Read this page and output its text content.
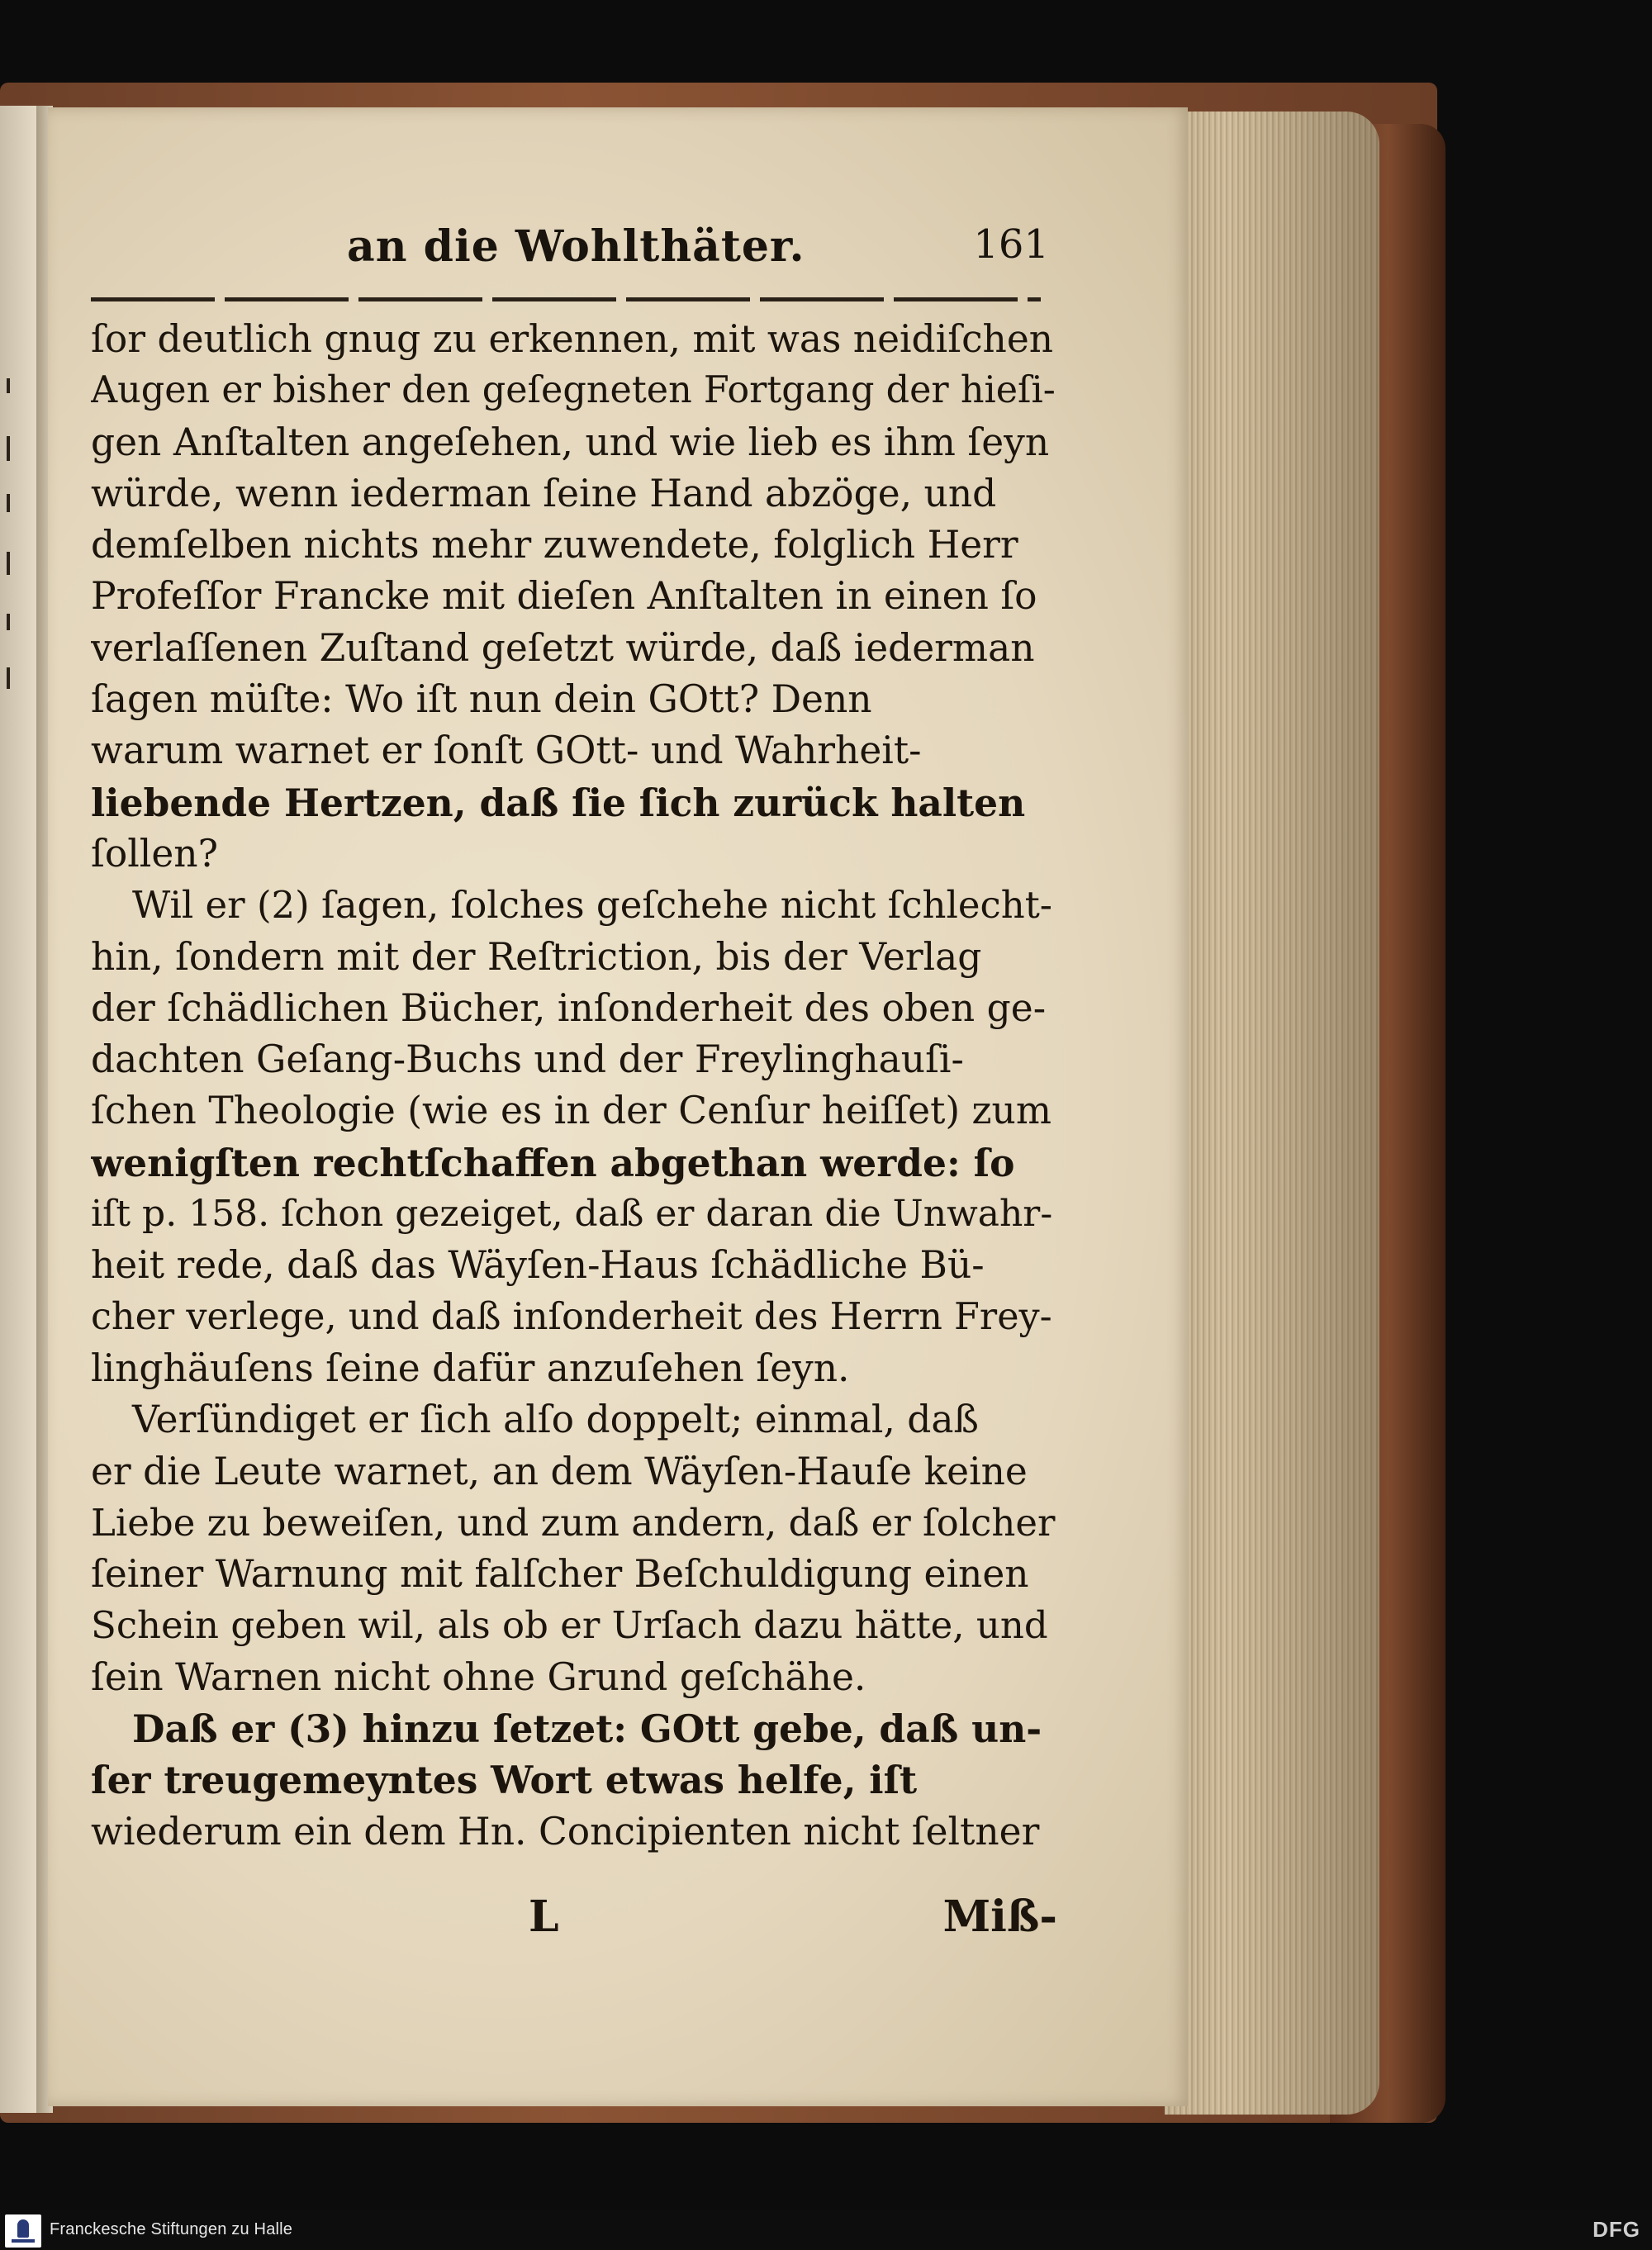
an die Wohlthäter.	161
ſor deutlich gnug zu erkennen, mit was neidiſchen
Augen er bisher den geſegneten Fortgang der hieſi-
gen Anſtalten angeſehen, und wie lieb es ihm ſeyn
würde, wenn iederman ſeine Hand abzöge, und
demſelben nichts mehr zuwendete, folglich Herr
Profeſſor Francke mit dieſen Anſtalten in einen ſo
verlaſſenen Zuſtand geſetzt würde, daß iederman
ſagen müſte: Wo iſt nun dein GOtt? Denn
warum warnet er ſonſt GOtt- und Wahrheit-
liebende Hertzen, daß ſie ſich zurück halten
ſollen?
Wil er (2) ſagen, ſolches geſchehe nicht ſchlecht-
hin, ſondern mit der Reſtriction, bis der Verlag
der ſchädlichen Bücher, inſonderheit des oben ge-
dachten Geſang-Buchs und der Freylinghauſi-
ſchen Theologie (wie es in der Cenſur heiſſet) zum
wenigſten rechtſchaffen abgethan werde: ſo
iſt p. 158. ſchon gezeiget, daß er daran die Unwahr-
heit rede, daß das Wäyſen-Haus ſchädliche Bü-
cher verlege, und daß inſonderheit des Herrn Frey-
linghäuſens ſeine dafür anzuſehen ſeyn.
Verſündiget er ſich alſo doppelt; einmal, daß
er die Leute warnet, an dem Wäyſen-Hauſe keine
Liebe zu beweiſen, und zum andern, daß er ſolcher
ſeiner Warnung mit falſcher Beſchuldigung einen
Schein geben wil, als ob er Urſach dazu hätte, und
ſein Warnen nicht ohne Grund geſchähe.
Daß er (3) hinzu ſetzet: GOtt gebe, daß un-
ſer treugemeyntes Wort etwas helfe, iſt
wiederum ein dem Hn. Concipienten nicht ſeltner
L	Miß-
Franckesche Stiftungen zu Halle	DFG
